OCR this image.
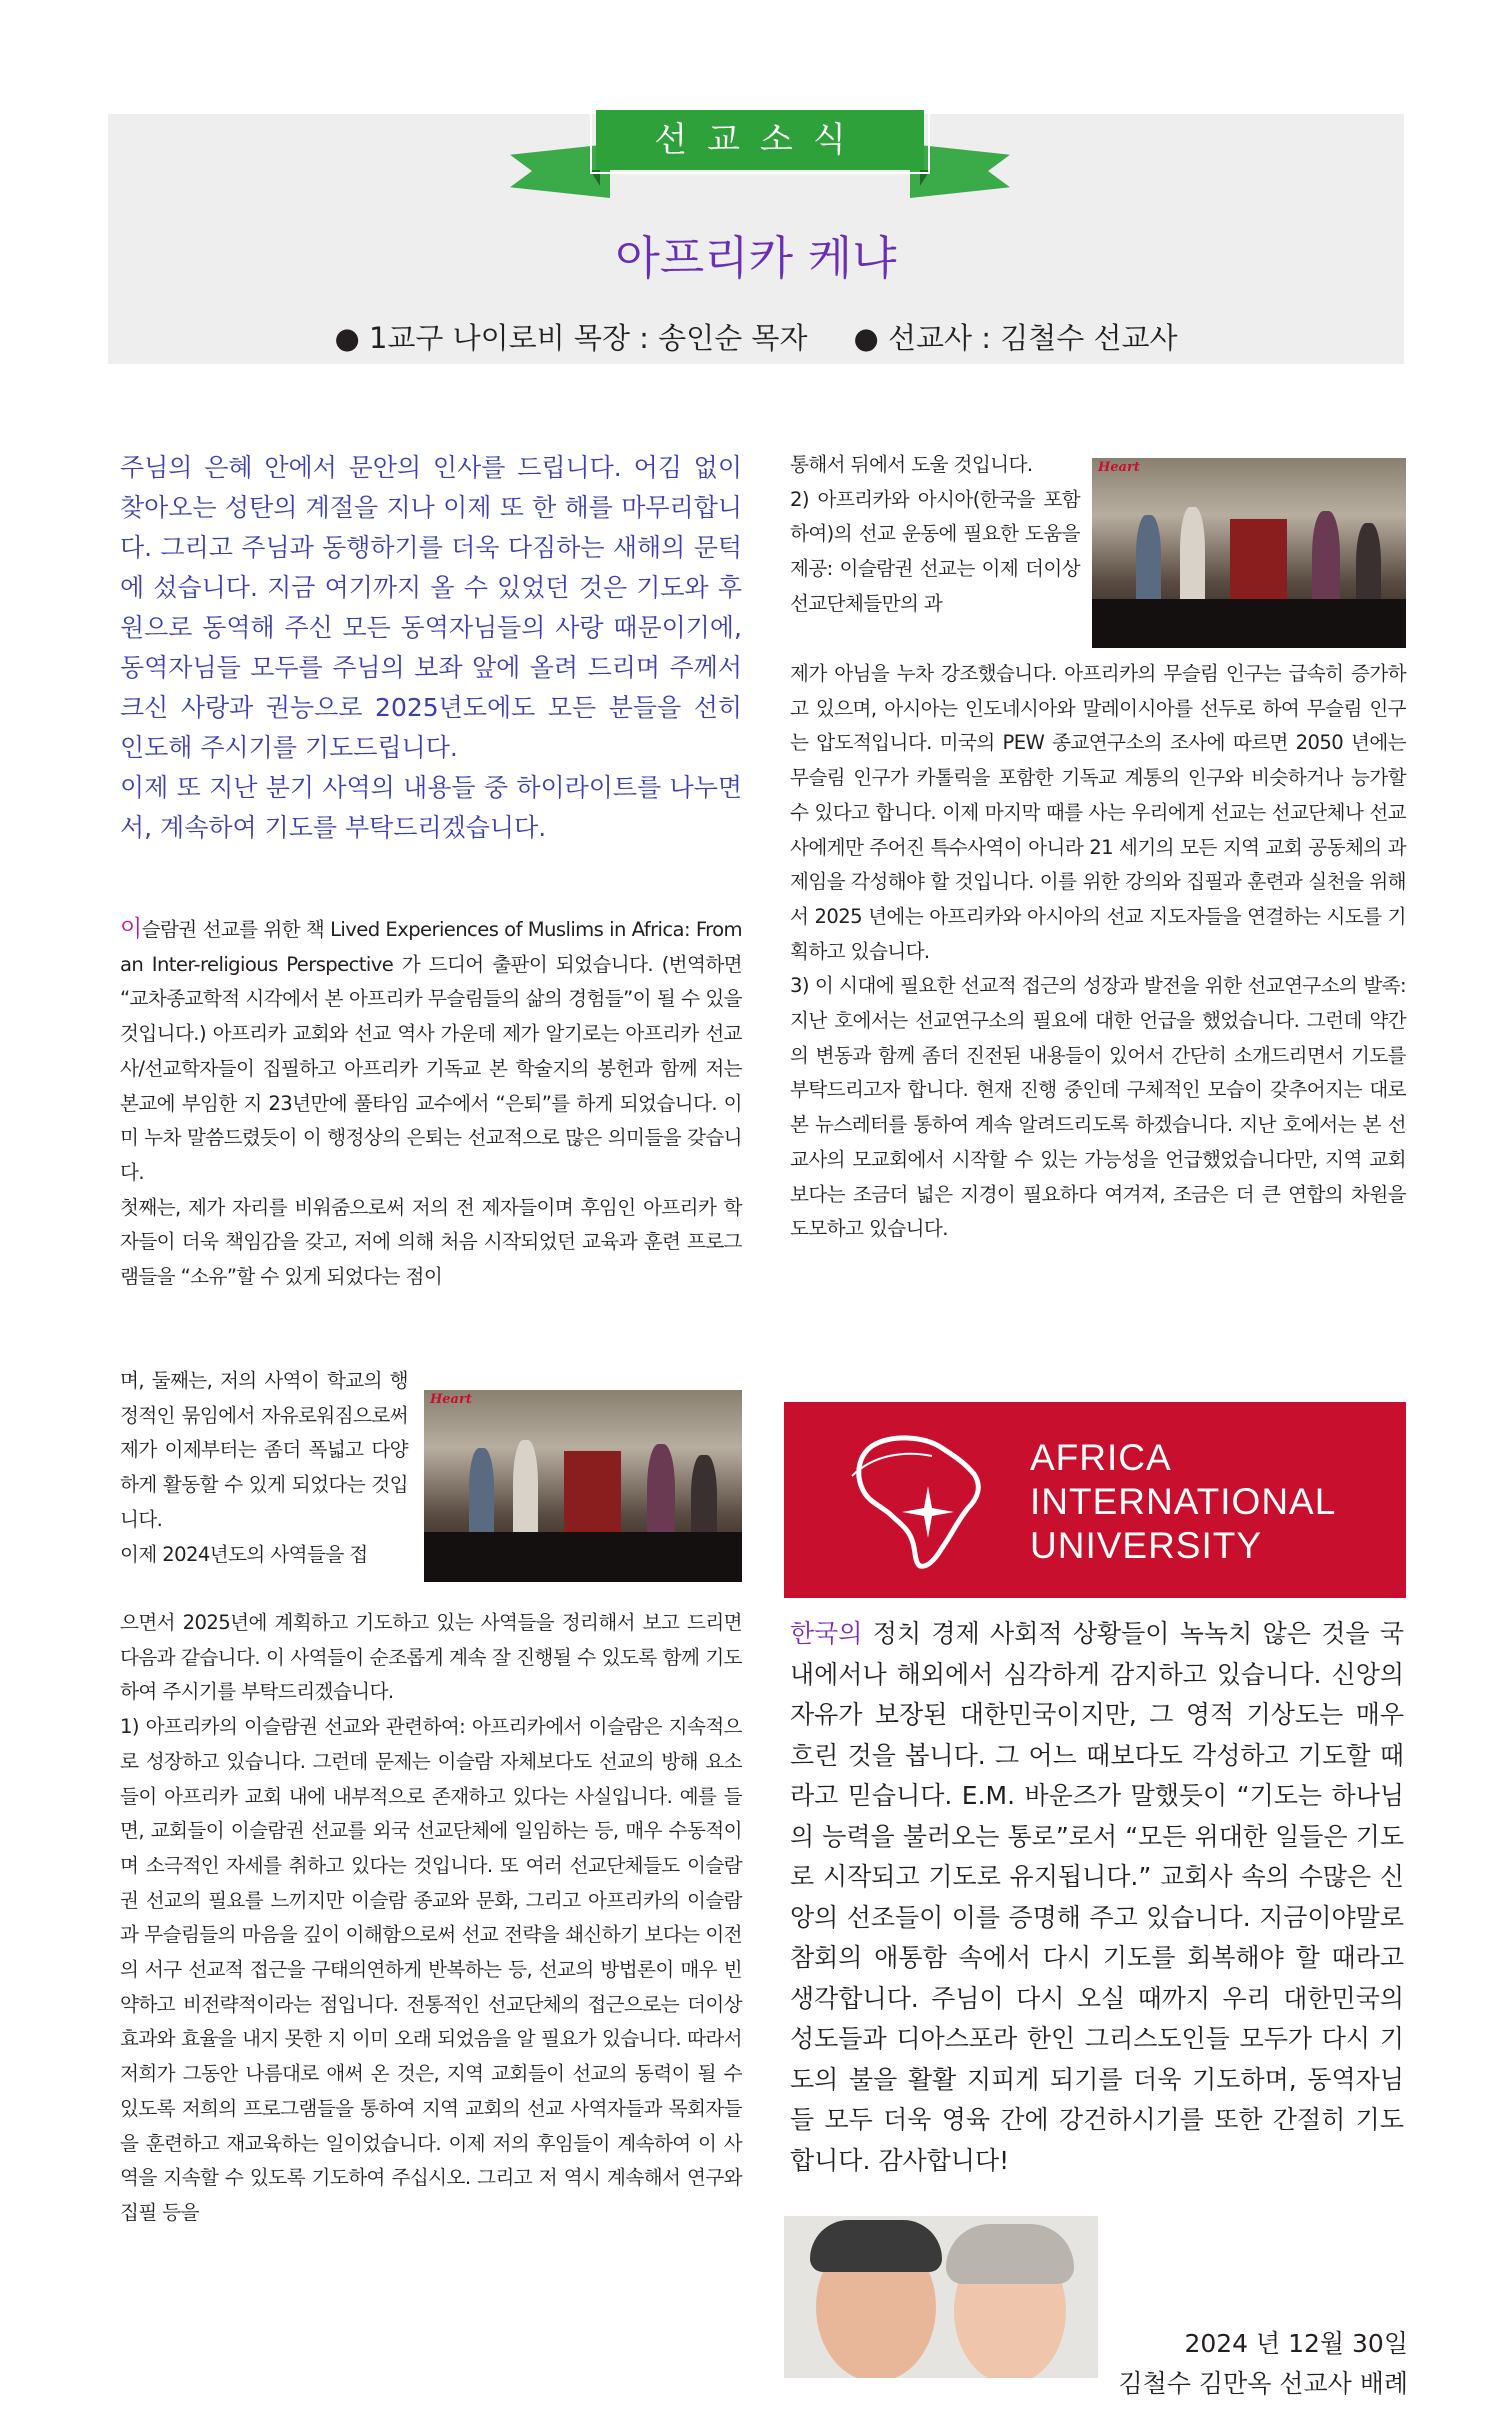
선교소식
아프리카 케냐
● 1교구 나이로비 목장 : 송인순 목자 ● 선교사 : 김철수 선교사

주님의 은혜 안에서 문안의 인사를 드립니다. 어김 없이 찾아오는 성탄의 계절을 지나 이제 또 한 해를 마무리합니다. 그리고 주님과 동행하기를 더욱 다짐하는 새해의 문턱에 섰습니다. 지금 여기까지 올 수 있었던 것은 기도와 후원으로 동역해 주신 모든 동역자님들의 사랑 때문이기에, 동역자님들 모두를 주님의 보좌 앞에 올려 드리며 주께서 크신 사랑과 권능으로 2025년도에도 모든 분들을 선히 인도해 주시기를 기도드립니다.

이제 또 지난 분기 사역의 내용들 중 하이라이트를 나누면서, 계속하여 기도를 부탁드리겠습니다.

이슬람권 선교를 위한 책 Lived Experiences of Muslims in Africa: From an Inter-religious Perspective 가 드디어 출판이 되었습니다. (번역하면 “교차종교학적 시각에서 본 아프리카 무슬림들의 삶의 경험들”이 될 수 있을 것입니다.) 아프리카 교회와 선교 역사 가운데 제가 알기로는 아프리카 선교사/선교학자들이 집필하고 아프리카 기독교 본 학술지의 봉헌과 함께 저는 본교에 부임한 지 23년만에 풀타임 교수에서 “은퇴”를 하게 되었습니다. 이미 누차 말씀드렸듯이 이 행정상의 은퇴는 선교적으로 많은 의미들을 갖습니다.

첫째는, 제가 자리를 비워줌으로써 저의 전 제자들이며 후임인 아프리카 학자들이 더욱 책임감을 갖고, 저에 의해 처음 시작되었던 교육과 훈련 프로그램들을 “소유”할 수 있게 되었다는 점이

며, 둘째는, 저의 사역이 학교의 행정적인 묶임에서 자유로워짐으로써 제가 이제부터는 좀더 폭넓고 다양하게 활동할 수 있게 되었다는 것입니다.

이제 2024년도의 사역들을 접

Heart

으면서 2025년에 계획하고 기도하고 있는 사역들을 정리해서 보고 드리면 다음과 같습니다. 이 사역들이 순조롭게 계속 잘 진행될 수 있도록 함께 기도하여 주시기를 부탁드리겠습니다.

1) 아프리카의 이슬람권 선교와 관련하여: 아프리카에서 이슬람은 지속적으로 성장하고 있습니다. 그런데 문제는 이슬람 자체보다도 선교의 방해 요소들이 아프리카 교회 내에 내부적으로 존재하고 있다는 사실입니다. 예를 들면, 교회들이 이슬람권 선교를 외국 선교단체에 일임하는 등, 매우 수동적이며 소극적인 자세를 취하고 있다는 것입니다. 또 여러 선교단체들도 이슬람권 선교의 필요를 느끼지만 이슬람 종교와 문화, 그리고 아프리카의 이슬람과 무슬림들의 마음을 깊이 이해함으로써 선교 전략을 쇄신하기 보다는 이전의 서구 선교적 접근을 구태의연하게 반복하는 등, 선교의 방법론이 매우 빈약하고 비전략적이라는 점입니다. 전통적인 선교단체의 접근으로는 더이상 효과와 효율을 내지 못한 지 이미 오래 되었음을 알 필요가 있습니다. 따라서 저희가 그동안 나름대로 애써 온 것은, 지역 교회들이 선교의 동력이 될 수 있도록 저희의 프로그램들을 통하여 지역 교회의 선교 사역자들과 목회자들을 훈련하고 재교육하는 일이었습니다. 이제 저의 후임들이 계속하여 이 사역을 지속할 수 있도록 기도하여 주십시오. 그리고 저 역시 계속해서 연구와 집필 등을

통해서 뒤에서 도울 것입니다.

2) 아프리카와 아시아(한국을 포함하여)의 선교 운동에 필요한 도움을 제공: 이슬람권 선교는 이제 더이상 선교단체들만의 과

Heart

제가 아님을 누차 강조했습니다. 아프리카의 무슬림 인구는 급속히 증가하고 있으며, 아시아는 인도네시아와 말레이시아를 선두로 하여 무슬림 인구는 압도적입니다. 미국의 PEW 종교연구소의 조사에 따르면 2050 년에는 무슬림 인구가 카톨릭을 포함한 기독교 계통의 인구와 비슷하거나 능가할 수 있다고 합니다. 이제 마지막 때를 사는 우리에게 선교는 선교단체나 선교사에게만 주어진 특수사역이 아니라 21 세기의 모든 지역 교회 공동체의 과제임을 각성해야 할 것입니다. 이를 위한 강의와 집필과 훈련과 실천을 위해서 2025 년에는 아프리카와 아시아의 선교 지도자들을 연결하는 시도를 기획하고 있습니다.

3) 이 시대에 필요한 선교적 접근의 성장과 발전을 위한 선교연구소의 발족: 지난 호에서는 선교연구소의 필요에 대한 언급을 했었습니다. 그런데 약간의 변동과 함께 좀더 진전된 내용들이 있어서 간단히 소개드리면서 기도를 부탁드리고자 합니다. 현재 진행 중인데 구체적인 모습이 갖추어지는 대로 본 뉴스레터를 통하여 계속 알려드리도록 하겠습니다. 지난 호에서는 본 선교사의 모교회에서 시작할 수 있는 가능성을 언급했었습니다만, 지역 교회보다는 조금더 넓은 지경이 필요하다 여겨져, 조금은 더 큰 연합의 차원을 도모하고 있습니다.

AFRICA
INTERNATIONAL
UNIVERSITY
한국의 정치 경제 사회적 상황들이 녹녹치 않은 것을 국내에서나 해외에서 심각하게 감지하고 있습니다. 신앙의 자유가 보장된 대한민국이지만, 그 영적 기상도는 매우 흐린 것을 봅니다. 그 어느 때보다도 각성하고 기도할 때라고 믿습니다. E.M. 바운즈가 말했듯이 “기도는 하나님의 능력을 불러오는 통로”로서 “모든 위대한 일들은 기도로 시작되고 기도로 유지됩니다.” 교회사 속의 수많은 신앙의 선조들이 이를 증명해 주고 있습니다. 지금이야말로 참회의 애통함 속에서 다시 기도를 회복해야 할 때라고 생각합니다. 주님이 다시 오실 때까지 우리 대한민국의 성도들과 디아스포라 한인 그리스도인들 모두가 다시 기도의 불을 활활 지피게 되기를 더욱 기도하며, 동역자님들 모두 더욱 영육 간에 강건하시기를 또한 간절히 기도합니다. 감사합니다!
2024 년 12월 30일
김철수 김만옥 선교사 배례
